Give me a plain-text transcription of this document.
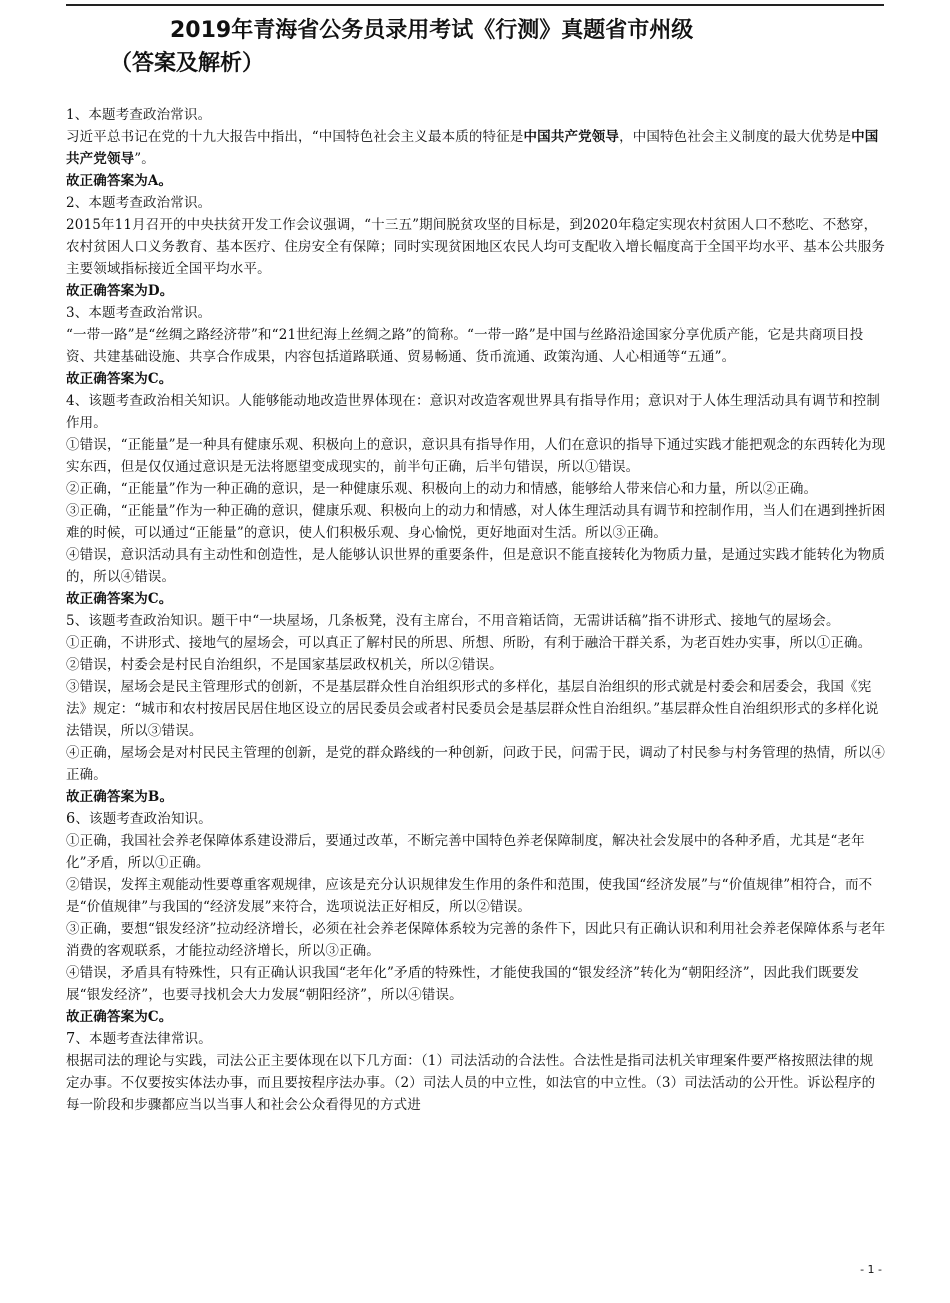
2019年青海省公务员录用考试《行测》真题省市州级
（答案及解析）

1、本题考查政治常识。

习近平总书记在党的十九大报告中指出，“中国特色社会主义最本质的特征是中国共产党领导，中国特色社会主义制度的最大优势是中国共产党领导”。

故正确答案为A。

2、本题考查政治常识。

2015年11月召开的中央扶贫开发工作会议强调，“十三五”期间脱贫攻坚的目标是，到2020年稳定实现农村贫困人口不愁吃、不愁穿，农村贫困人口义务教育、基本医疗、住房安全有保障；同时实现贫困地区农民人均可支配收入增长幅度高于全国平均水平、基本公共服务主要领域指标接近全国平均水平。

故正确答案为D。

3、本题考查政治常识。

“一带一路”是“丝绸之路经济带”和“21世纪海上丝绸之路”的简称。“一带一路”是中国与丝路沿途国家分享优质产能，它是共商项目投资、共建基础设施、共享合作成果，内容包括道路联通、贸易畅通、货币流通、政策沟通、人心相通等“五通”。

故正确答案为C。

4、该题考查政治相关知识。人能够能动地改造世界体现在：意识对改造客观世界具有指导作用；意识对于人体生理活动具有调节和控制作用。

①错误，“正能量”是一种具有健康乐观、积极向上的意识，意识具有指导作用，人们在意识的指导下通过实践才能把观念的东西转化为现实东西，但是仅仅通过意识是无法将愿望变成现实的，前半句正确，后半句错误，所以①错误。

②正确，“正能量”作为一种正确的意识，是一种健康乐观、积极向上的动力和情感，能够给人带来信心和力量，所以②正确。

③正确，“正能量”作为一种正确的意识，健康乐观、积极向上的动力和情感，对人体生理活动具有调节和控制作用，当人们在遇到挫折困难的时候，可以通过“正能量”的意识，使人们积极乐观、身心愉悦，更好地面对生活。所以③正确。

④错误，意识活动具有主动性和创造性，是人能够认识世界的重要条件，但是意识不能直接转化为物质力量，是通过实践才能转化为物质的，所以④错误。

故正确答案为C。

5、该题考查政治知识。题干中“一块屋场，几条板凳，没有主席台，不用音箱话筒，无需讲话稿”指不讲形式、接地气的屋场会。

①正确，不讲形式、接地气的屋场会，可以真正了解村民的所思、所想、所盼，有利于融洽干群关系，为老百姓办实事，所以①正确。

②错误，村委会是村民自治组织，不是国家基层政权机关，所以②错误。

③错误，屋场会是民主管理形式的创新，不是基层群众性自治组织形式的多样化，基层自治组织的形式就是村委会和居委会，我国《宪法》规定：“城市和农村按居民居住地区设立的居民委员会或者村民委员会是基层群众性自治组织。”基层群众性自治组织形式的多样化说法错误，所以③错误。

④正确，屋场会是对村民民主管理的创新，是党的群众路线的一种创新，问政于民，问需于民，调动了村民参与村务管理的热情，所以④正确。

故正确答案为B。

6、该题考查政治知识。

①正确，我国社会养老保障体系建设滞后，要通过改革，不断完善中国特色养老保障制度，解决社会发展中的各种矛盾，尤其是“老年化”矛盾，所以①正确。

②错误，发挥主观能动性要尊重客观规律，应该是充分认识规律发生作用的条件和范围，使我国“经济发展”与“价值规律”相符合，而不是“价值规律”与我国的“经济发展”来符合，选项说法正好相反，所以②错误。

③正确，要想“银发经济”拉动经济增长，必须在社会养老保障体系较为完善的条件下，因此只有正确认识和利用社会养老保障体系与老年消费的客观联系，才能拉动经济增长，所以③正确。

④错误，矛盾具有特殊性，只有正确认识我国“老年化”矛盾的特殊性，才能使我国的“银发经济”转化为“朝阳经济”，因此我们既要发展“银发经济”，也要寻找机会大力发展“朝阳经济”，所以④错误。

故正确答案为C。

7、本题考查法律常识。

根据司法的理论与实践，司法公正主要体现在以下几方面：（1）司法活动的合法性。合法性是指司法机关审理案件要严格按照法律的规定办事。不仅要按实体法办事，而且要按程序法办事。（2）司法人员的中立性，如法官的中立性。（3）司法活动的公开性。诉讼程序的每一阶段和步骤都应当以当事人和社会公众看得见的方式进

- 1 -
